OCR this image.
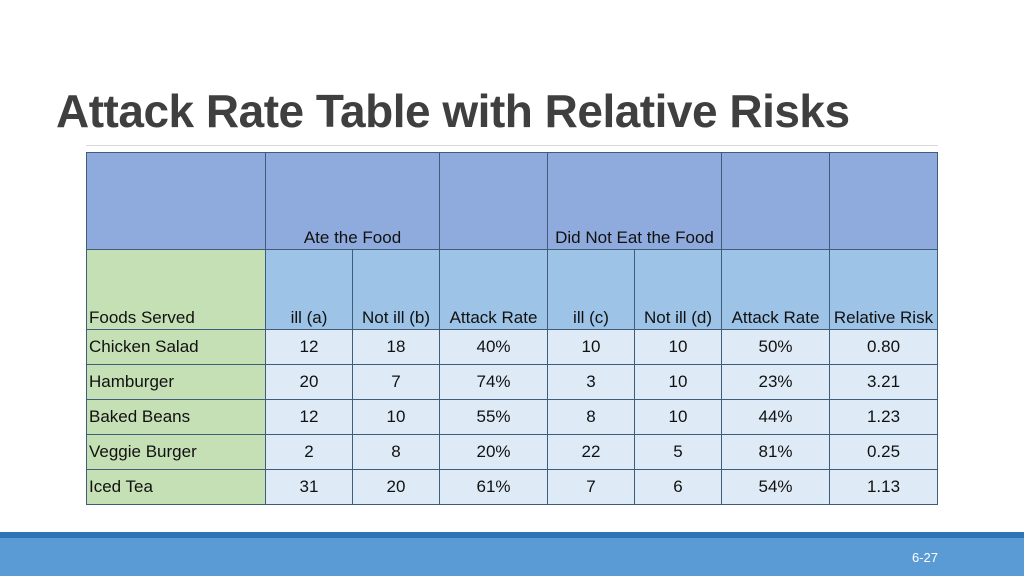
Attack Rate Table with Relative Risks
	Ate the Food			Did Not Eat the Food			
Foods Served	ill (a)	Not ill (b)	Attack Rate	ill (c)	Not ill (d)	Attack Rate	Relative Risk
Chicken Salad	12	18	40%	10	10	50%	0.80
Hamburger	20	7	74%	3	10	23%	3.21
Baked Beans	12	10	55%	8	10	44%	1.23
Veggie Burger	2	8	20%	22	5	81%	0.25
Iced Tea	31	20	61%	7	6	54%	1.13
6-27
